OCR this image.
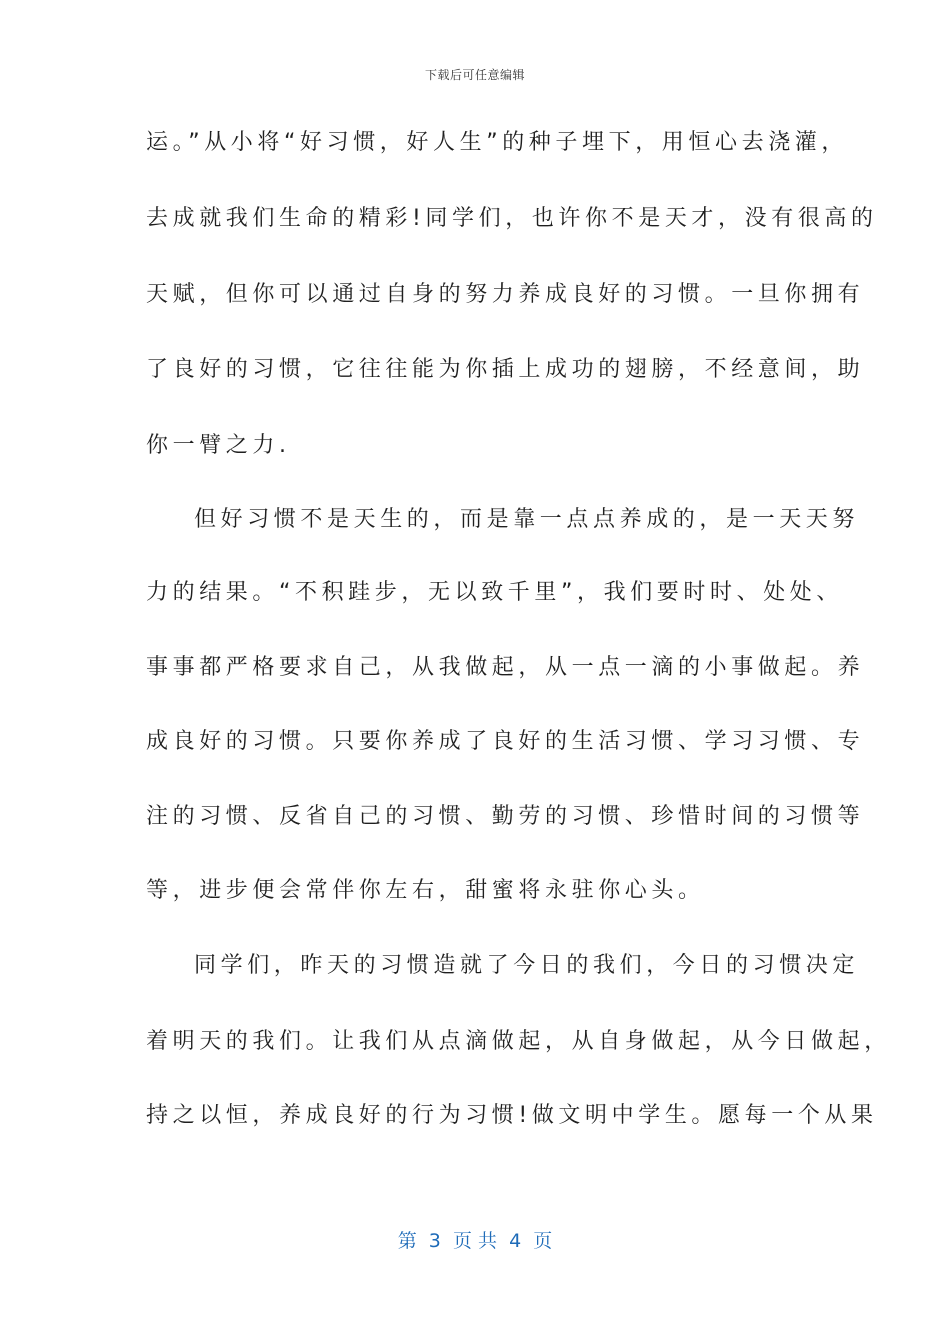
下载后可任意编辑
运。”从小将“好习惯，好人生”的种子埋下，用恒心去浇灌，
去成就我们生命的精彩!同学们，也许你不是天才，没有很高的
天赋，但你可以通过自身的努力养成良好的习惯。一旦你拥有
了良好的习惯，它往往能为你插上成功的翅膀，不经意间，助
你一臂之力.
但好习惯不是天生的，而是靠一点点养成的，是一天天努
力的结果。“不积跬步，无以致千里”，我们要时时、处处、
事事都严格要求自己，从我做起，从一点一滴的小事做起。养
成良好的习惯。只要你养成了良好的生活习惯、学习习惯、专
注的习惯、反省自己的习惯、勤劳的习惯、珍惜时间的习惯等
等，进步便会常伴你左右，甜蜜将永驻你心头。
同学们，昨天的习惯造就了今日的我们，今日的习惯决定
着明天的我们。让我们从点滴做起，从自身做起，从今日做起，
持之以恒，养成良好的行为习惯!做文明中学生。愿每一个从果
第  3  页 共  4  页
